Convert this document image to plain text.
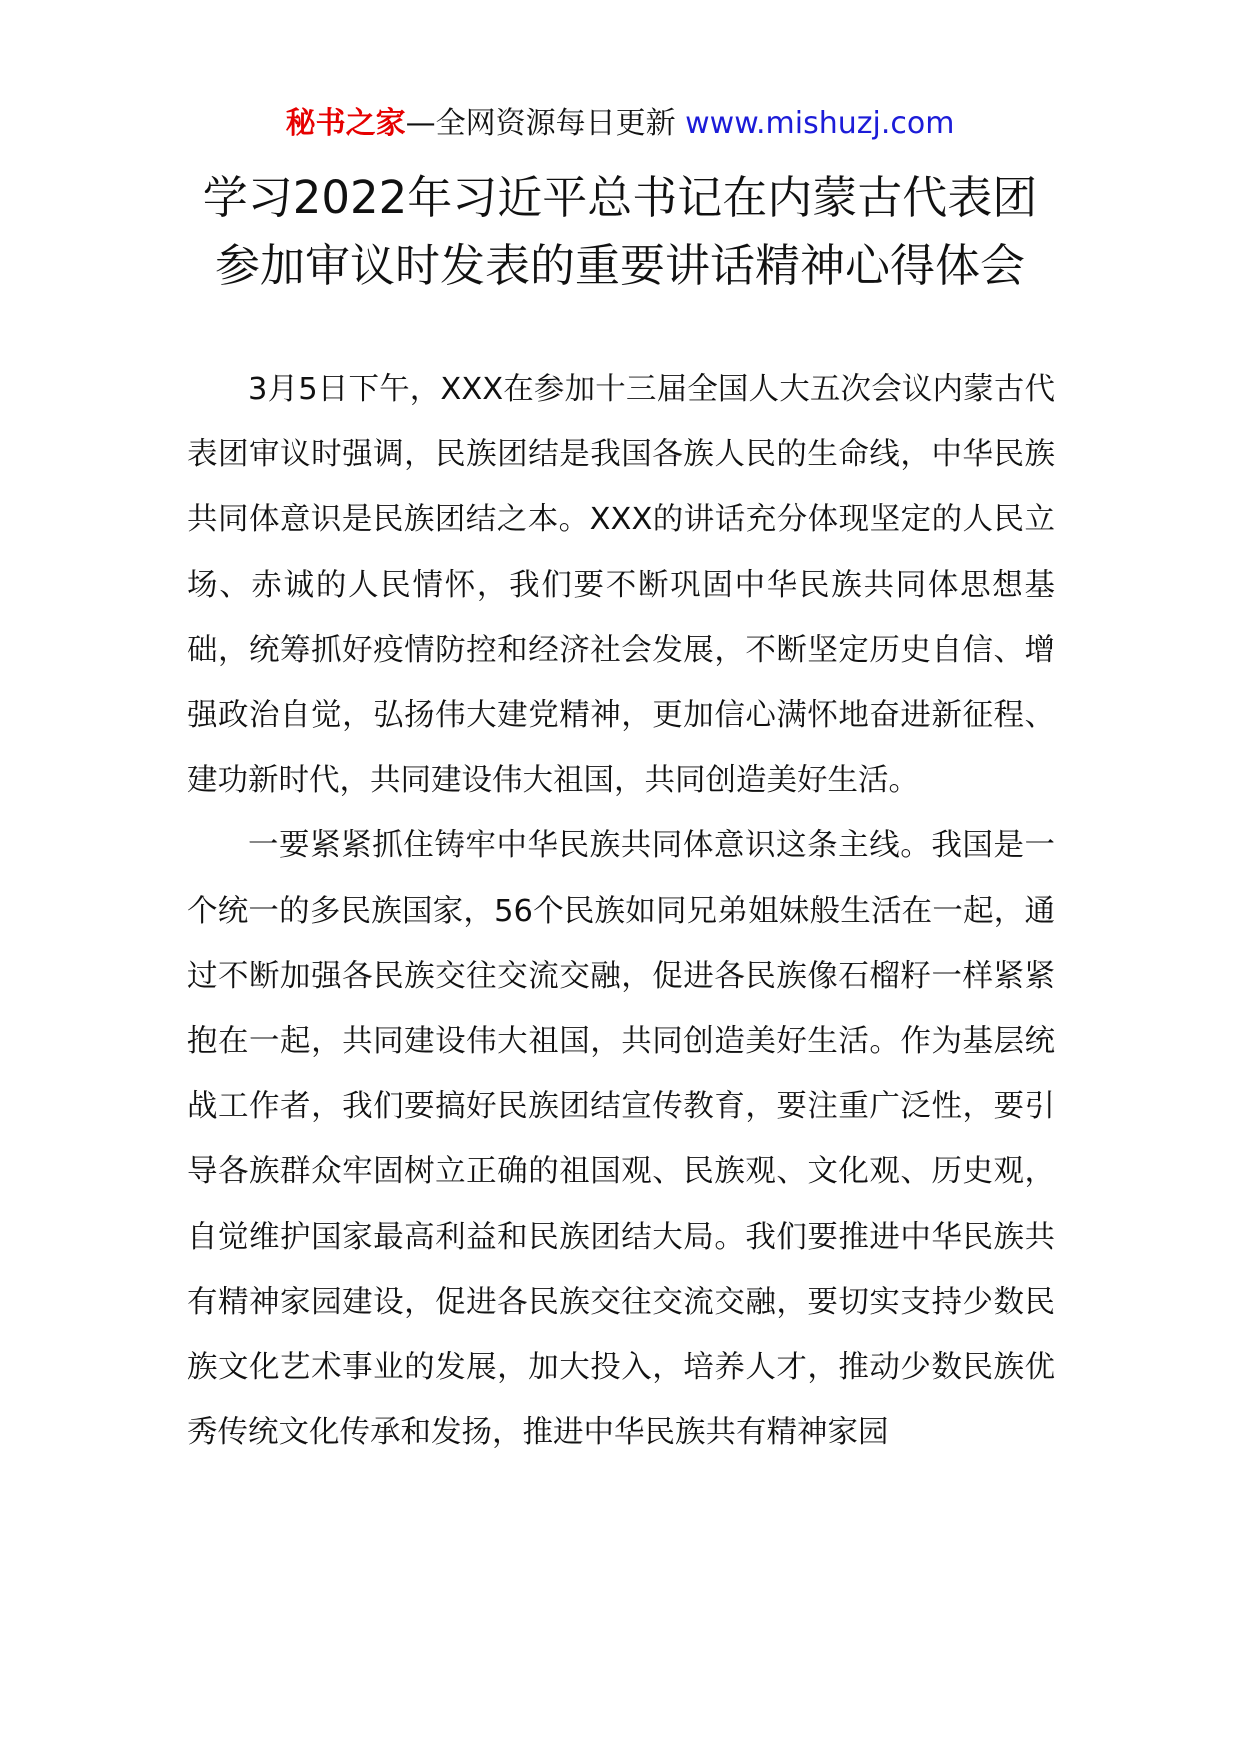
秘书之家—全网资源每日更新 www.mishuzj.com
学习2022年习近平总书记在内蒙古代表团
参加审议时发表的重要讲话精神心得体会

3月5日下午，XXX在参加十三届全国人大五次会议内蒙古代表团审议时强调，民族团结是我国各族人民的生命线，中华民族共同体意识是民族团结之本。XXX的讲话充分体现坚定的人民立场、赤诚的人民情怀，我们要不断巩固中华民族共同体思想基础，统筹抓好疫情防控和经济社会发展，不断坚定历史自信、增强政治自觉，弘扬伟大建党精神，更加信心满怀地奋进新征程、建功新时代，共同建设伟大祖国，共同创造美好生活。

一要紧紧抓住铸牢中华民族共同体意识这条主线。我国是一个统一的多民族国家，56个民族如同兄弟姐妹般生活在一起，通过不断加强各民族交往交流交融，促进各民族像石榴籽一样紧紧抱在一起，共同建设伟大祖国，共同创造美好生活。作为基层统战工作者，我们要搞好民族团结宣传教育，要注重广泛性，要引导各族群众牢固树立正确的祖国观、民族观、文化观、历史观，自觉维护国家最高利益和民族团结大局。我们要推进中华民族共有精神家园建设，促进各民族交往交流交融，要切实支持少数民族文化艺术事业的发展，加大投入，培养人才，推动少数民族优秀传统文化传承和发扬，推进中华民族共有精神家园
